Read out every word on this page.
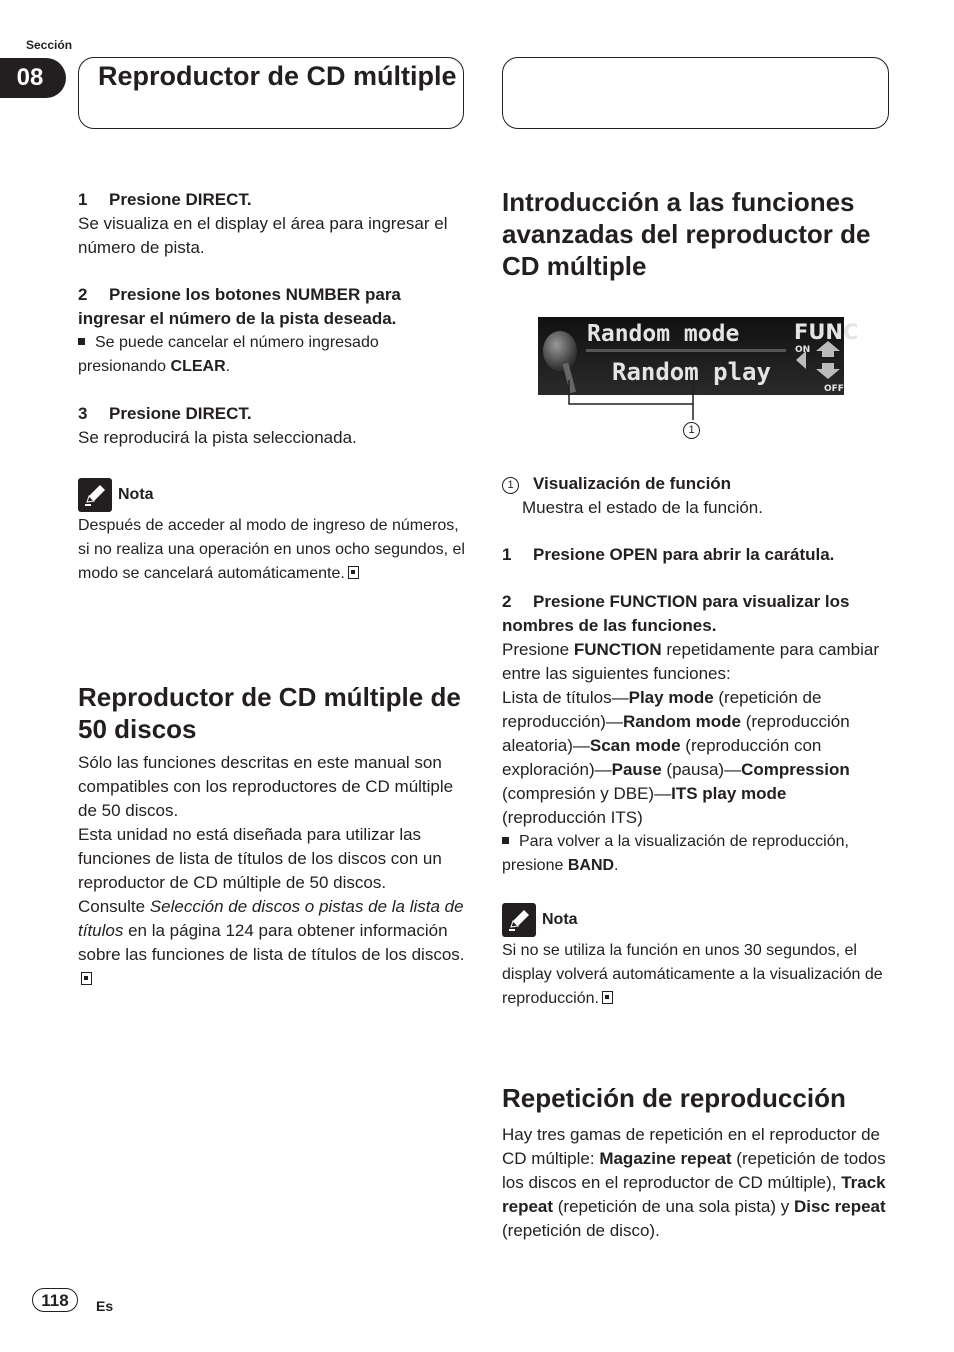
Sección
08	Reproductor de CD múltiple

1 Presione DIRECT.

Se visualiza en el display el área para ingresar el número de pista.

2 Presione los botones NUMBER para ingresar el número de la pista deseada.

Se puede cancelar el número ingresado presionando CLEAR.

3 Presione DIRECT.

Se reproducirá la pista seleccionada.

Nota

Después de acceder al modo de ingreso de números, si no realiza una operación en unos ocho segundos, el modo se cancelará automáticamente.

Reproductor de CD múltiple de 50 discos

Sólo las funciones descritas en este manual son compatibles con los reproductores de CD múltiple de 50 discos.

Esta unidad no está diseñada para utilizar las funciones de lista de títulos de los discos con un reproductor de CD múltiple de 50 discos.

Consulte Selección de discos o pistas de la lista de títulos en la página 124 para obtener información sobre las funciones de lista de títulos de los discos.

Introducción a las funciones avanzadas del reproductor de CD múltiple
Random mode
Random play
FUNC
ON
OFF
1

1 Visualización de función

Muestra el estado de la función.

1 Presione OPEN para abrir la carátula.

2 Presione FUNCTION para visualizar los nombres de las funciones.

Presione FUNCTION repetidamente para cambiar entre las siguientes funciones:

Lista de títulos—Play mode (repetición de reproducción)—Random mode (reproducción aleatoria)—Scan mode (reproducción con exploración)—Pause (pausa)—Compression (compresión y DBE)—ITS play mode (reproducción ITS)

Para volver a la visualización de reproducción, presione BAND.

Nota

Si no se utiliza la función en unos 30 segundos, el display volverá automáticamente a la visualización de reproducción.

Repetición de reproducción

Hay tres gamas de repetición en el reproductor de CD múltiple: Magazine repeat (repetición de todos los discos en el reproductor de CD múltiple), Track repeat (repetición de una sola pista) y Disc repeat (repetición de disco).

118	Es
